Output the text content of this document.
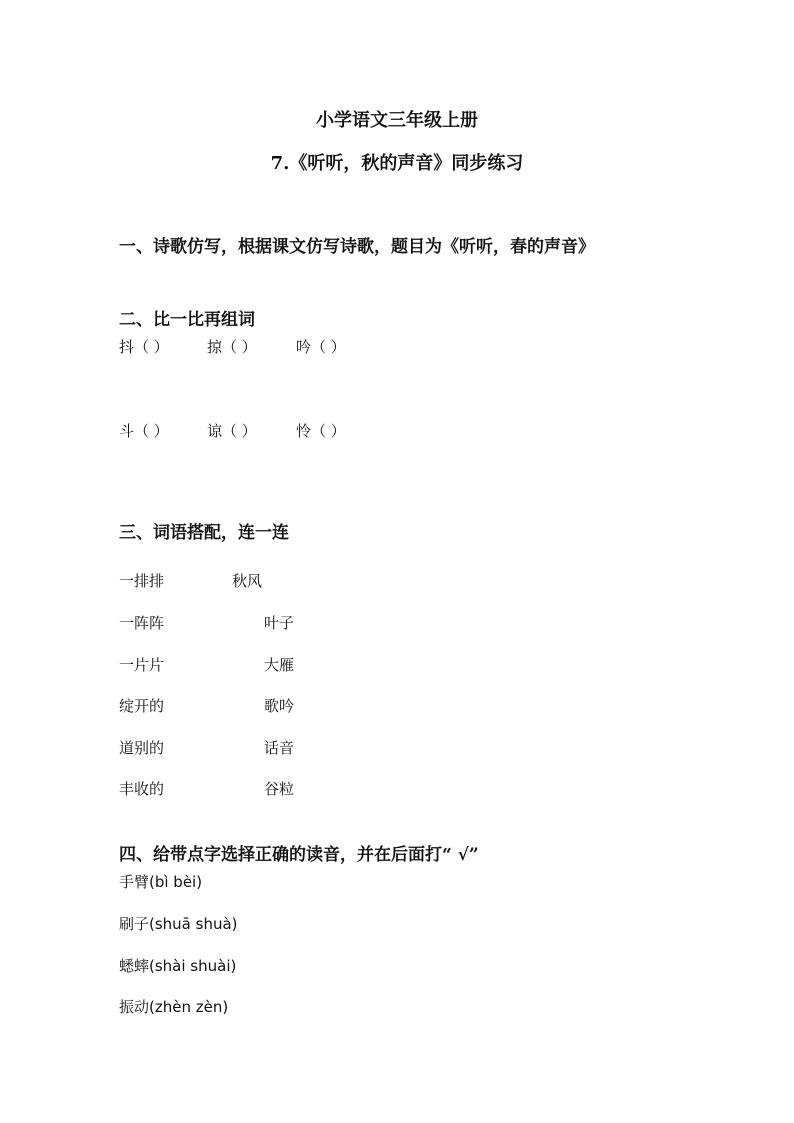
小学语文三年级上册
7.《听听，秋的声音》同步练习
一、诗歌仿写，根据课文仿写诗歌，题目为《听听，春的声音》
二、比一比再组词
抖（ ）	掠（ ）	吟（ ）
斗（ ）	谅（ ）	怜（ ）
三、词语搭配，连一连
一排排	秋风
一阵阵	叶子
一片片	大雁
绽开的	歌吟
道别的	话音
丰收的	谷粒
四、给带点字选择正确的读音，并在后面打“ √”
手臂(bì bèi)
刷子(shuā shuà)
蟋蟀(shài shuài)
振动(zhèn zèn)
